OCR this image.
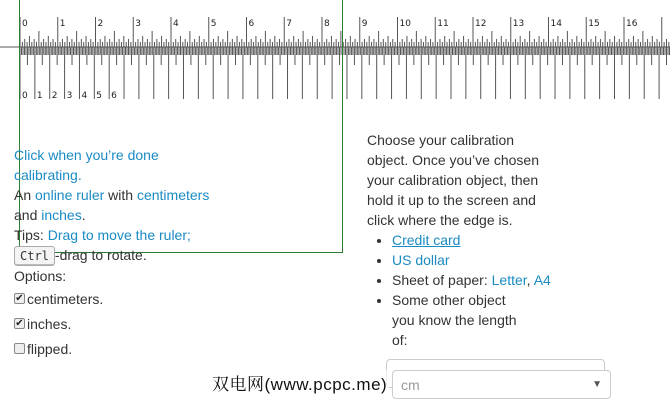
0	1	2	3	4	5	6	7	8	9	10	11	12	13	14	15	16
0 1 2 3 4 5 6
Click when you’re done calibrating.
An online ruler with centimeters
and inches.
Tips: Drag to move the ruler;
Ctrl -drag to rotate.
Options:
✔ centimeters.
✔ inches.
flipped.
Choose your calibration object. Once you’ve chosen your calibration object, then hold it up to the screen and click where the edge is.
• Credit card
• US dollar
• Sheet of paper: Letter, A4
• Some other object you know the length of:
cm	▼
双电网(www.pcpc.me)
